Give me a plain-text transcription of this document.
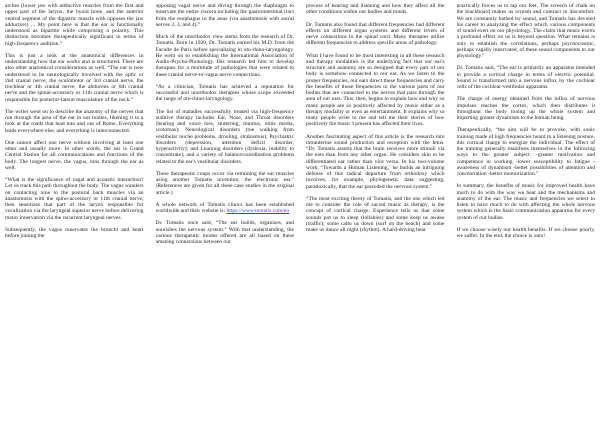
arches (lower jaw with adductive muscles from the first and upper part of the larynx, the hyoid bone, and the anterior ventral segment of the digastric muscle with opposes the jaw adductors) ... My point here is that the ear is functionally understood as bipartite while comprising a polarity. This distinction becomes therapeutically significant in terms of high-frequency audition.”

This is just a look at the anatomical differences in understanding how the ear works and is structured. There are also other anatomical considerations as well. “The ear is now understood to be neurologically involved with the optic or 2nd cranial nerve, the oculomotor or 3rd cranial nerve, the trochlear or 4th cranial nerve, the abducens or 6th cranial nerve and the spinal-accessory or 11th cranial nerve which is responsible for posterior-lateral musculature of the neck.”

The writer went on to describe the anatomy of the nerves that run through the area of the ear in our bodies, likening it to a look at the roads that lead into and out of Rome. Everything leads everywhere else, and everything is interconnected.

One cannot affect one nerve without involving at least one other and usually more. In other words, the ear is Grand Central Station for all communications and functions of the body. The longest nerve, the vagus, runs through the ear as well.

“What is the significance of vagal and acoustic interaction? Let us track this path throughout the body. The vagus wanders on contacting nine to the postural back muscles via an anastomosis with the spino-accessory or 11th cranial nerve, then sensitizes that part of the larynx responsible for vocalization via the laryngeal superior nerve before delivering motor innervation via the recurrent laryngeal nerves.

Subsequently, the vagus innervates the bronchi and heart before joining the

opposing vagal nerve and diving through the diaphragm to innervate the entire viscera including the gastrointestinal tract from the esophagus to the anus (via anastomosis with sacral nerves 2, 3, and 4).”

Much of the unorthodox view stems from the research of Dr. Tomatis. Born in 1920, Dr. Tomatis earned his M.D. from the Faculte de Paris before specializing in oto-rhino-laryngology. He went on to establishing the International Association of Audio-Psycho-Phonology. His research led him to develop therapies for a multitude of pathologies that were related to these cranial nerve-to-vagus nerve connections.

“As a clinician, Tomatis has achieved a reputation for successful and unorthodox therapies whose scope exceeded the range of oto-rhino-laryngology.

The list of maladies successfully treated via high-frequency auditive therapy includes Ear, Nose, and Throat disorders (hearing and voice loss, stuttering, tinnitus, otitis media, scotomas); Neurological disorders (toe walking from vestibular nuclei problems, drooling, strabismus); Psychiatric disorders (depression, attention deficit disorder, hyperactivity); and Learning disorders (dyslexia, inability to concentrate); and a variety of balance/coordination problems related to the ear's vestibular disorders.

These therapeutic coups occur via retraining the ear muscles using another Tomatis invention, the electronic ear.” (References are given for all these case studies in the original article.)

A whole network of Tomatis clinics has been established worldwide and their website is: https://www.tomatis.com/en

Dr. Tomatis once said, “The ear builds, organizes, and nourishes the nervous system.” With that understanding, the various therapeutic modes offered are all based on these amazing connections between our

process of hearing and listening and how they affect all the other conditions within our bodies and minds.

Dr. Tomatis also found that different frequencies had different effects on different organ systems and different levels of nerve connections to the spinal cord. Many therapies utilize different frequencies to address specific areas of pathology.

What I have found to be most interesting in all these research and therapy modalities is the underlying fact that our ear's structure and anatomy are so designed that every part of our body is somehow connected to our ear. As we listen to the proper frequencies, our ears direct these frequencies and carry the benefits of those frequencies to the various parts of our bodies that are connected to the nerves that pass through the area of our ears. This, then, begins to explain how and why so many people are so positively affected by music either as a therapy modality or even as entertainment. It explains why so many people write to me and tell me their stories of how positively the music I present has affected their lives.

Another fascinating aspect of this article is the research into intrauterine sound production and reception with the fetus. “Dr. Tomatis asserts that the brain receives more stimuli via the ears than from any other organ. He considers skin to be differentiated ear rather than vice versa. In his two-volume work, ‘Towards a Human Listening,’ he builds an intriguing defense of this radical departure from orthodoxy which involves, for example, phylogenetic data suggesting, paradoxically, that the ear preceded the nervous system.”

“The most exciting theory of Tomatis, and the one which led me to consider the role of sacred music as therapy, is the concept of cortical charge. Experience tells us that some sounds put us to sleep (lullabies) and some keep us awake (traffic); some calm us down (surf on the beach) and some make us dance all night (rhythm). A hard-driving beat

practically forces us to tap our feet. The screech of chalk on the blackboard makes us scream and contract in discomfort. We are constantly bathed by sound, and Tomatis has devoted his career to analyzing the effect which various components of sound exert on our physiology. The claim that music exerts a profound effect on us is beyond question. What remains is only to establish the correlations, perhaps psychocosmic, perhaps vagally innervated, of these sound components to our physiology.”

Dr. Tomatis said, “The ear is primarily an apparatus intended to provide a cortical charge in terms of electric potential. Sound is transformed into a nervous influx by the cochlear cells of the cochlear-vestibular apparatus.

The charge of energy obtained from the influx of nervous impulses reaches the cortex, which then distributes it throughout the body toning up the whole system and imparting greater dynamism to the human being.

Therapeutically, “the aim will be to provoke, with sonic training made of high frequencies heard in a listening posture, this cortical charge to energize the individual. The effect of the training generally manifests themselves in the following ways to the greater subject: -greater motivation and competence in working -lower susceptibility to fatigue -awareness of dynamism -better possibilities of attention and concentration -better memorization.”

In summary, the benefits of music for improved health have much to do with the way we hear and the mechanisms and anatomy of the ear. The music and frequencies we select to listen to have much to do with affecting the whole nervous system which is the basic communication apparatus for every system of our bodies.

If we choose wisely our health benefits. If we choose poorly, we suffer. In the end, the choice is ours!
